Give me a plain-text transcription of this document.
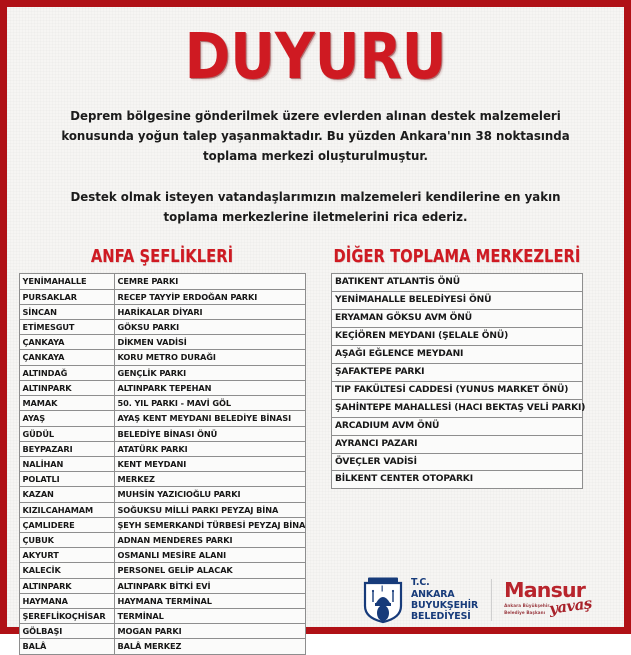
DUYURU

Deprem bölgesine gönderilmek üzere evlerden alınan destek malzemeleri konusunda yoğun talep yaşanmaktadır. Bu yüzden Ankara'nın 38 noktasında toplama merkezi oluşturulmuştur.

Destek olmak isteyen vatandaşlarımızın malzemeleri kendilerine en yakın toplama merkezlerine iletmelerini rica ederiz.

ANFA ŞEFLİKLERİ	DİĞER TOPLAMA MERKEZLERİ
YENİMAHALLE	CEMRE PARKI
PURSAKLAR	RECEP TAYYİP ERDOĞAN PARKI
SİNCAN	HARİKALAR DİYARI
ETİMESGUT	GÖKSU PARKI
ÇANKAYA	DİKMEN VADİSİ
ÇANKAYA	KORU METRO DURAĞI
ALTINDAĞ	GENÇLİK PARKI
ALTINPARK	ALTINPARK TEPEHAN
MAMAK	50. YIL PARKI - MAVİ GÖL
AYAŞ	AYAŞ KENT MEYDANI BELEDİYE BİNASI
GÜDÜL	BELEDİYE BİNASI ÖNÜ
BEYPAZARI	ATATÜRK PARKI
NALİHAN	KENT MEYDANI
POLATLI	MERKEZ
KAZAN	MUHSİN YAZICIOĞLU PARKI
KIZILCAHAMAM	SOĞUKSU MİLLİ PARKI PEYZAJ BİNA
ÇAMLIDERE	ŞEYH SEMERKANDİ TÜRBESİ PEYZAJ BİNA
ÇUBUK	ADNAN MENDERES PARKI
AKYURT	OSMANLI MESİRE ALANI
KALECİK	PERSONEL GELİP ALACAK
ALTINPARK	ALTINPARK BİTKİ EVİ
HAYMANA	HAYMANA TERMİNAL
ŞEREFLİKOÇHİSAR	TERMİNAL
GÖLBAŞI	MOGAN PARKI
BALÂ	BALÂ MERKEZ
BATIKENT ATLANTİS ÖNÜ
YENİMAHALLE BELEDİYESİ ÖNÜ
ERYAMAN GÖKSU AVM ÖNÜ
KEÇİÖREN MEYDANI (ŞELALE ÖNÜ)
AŞAĞI EĞLENCE MEYDANI
ŞAFAKTEPE PARKI
TIP FAKÜLTESİ CADDESİ (YUNUS MARKET ÖNÜ)
ŞAHİNTEPE MAHALLESİ (HACI BEKTAŞ VELİ PARKI)
ARCADIUM AVM ÖNÜ
AYRANCI PAZARI
ÖVEÇLER VADİSİ
BİLKENT CENTER OTOPARKI
T.C.
ANKARA
BUYUKŞEHİR
BELEDİYESİ
Mansur
Ankara Büyükşehir
Belediye Başkanı yavaş
